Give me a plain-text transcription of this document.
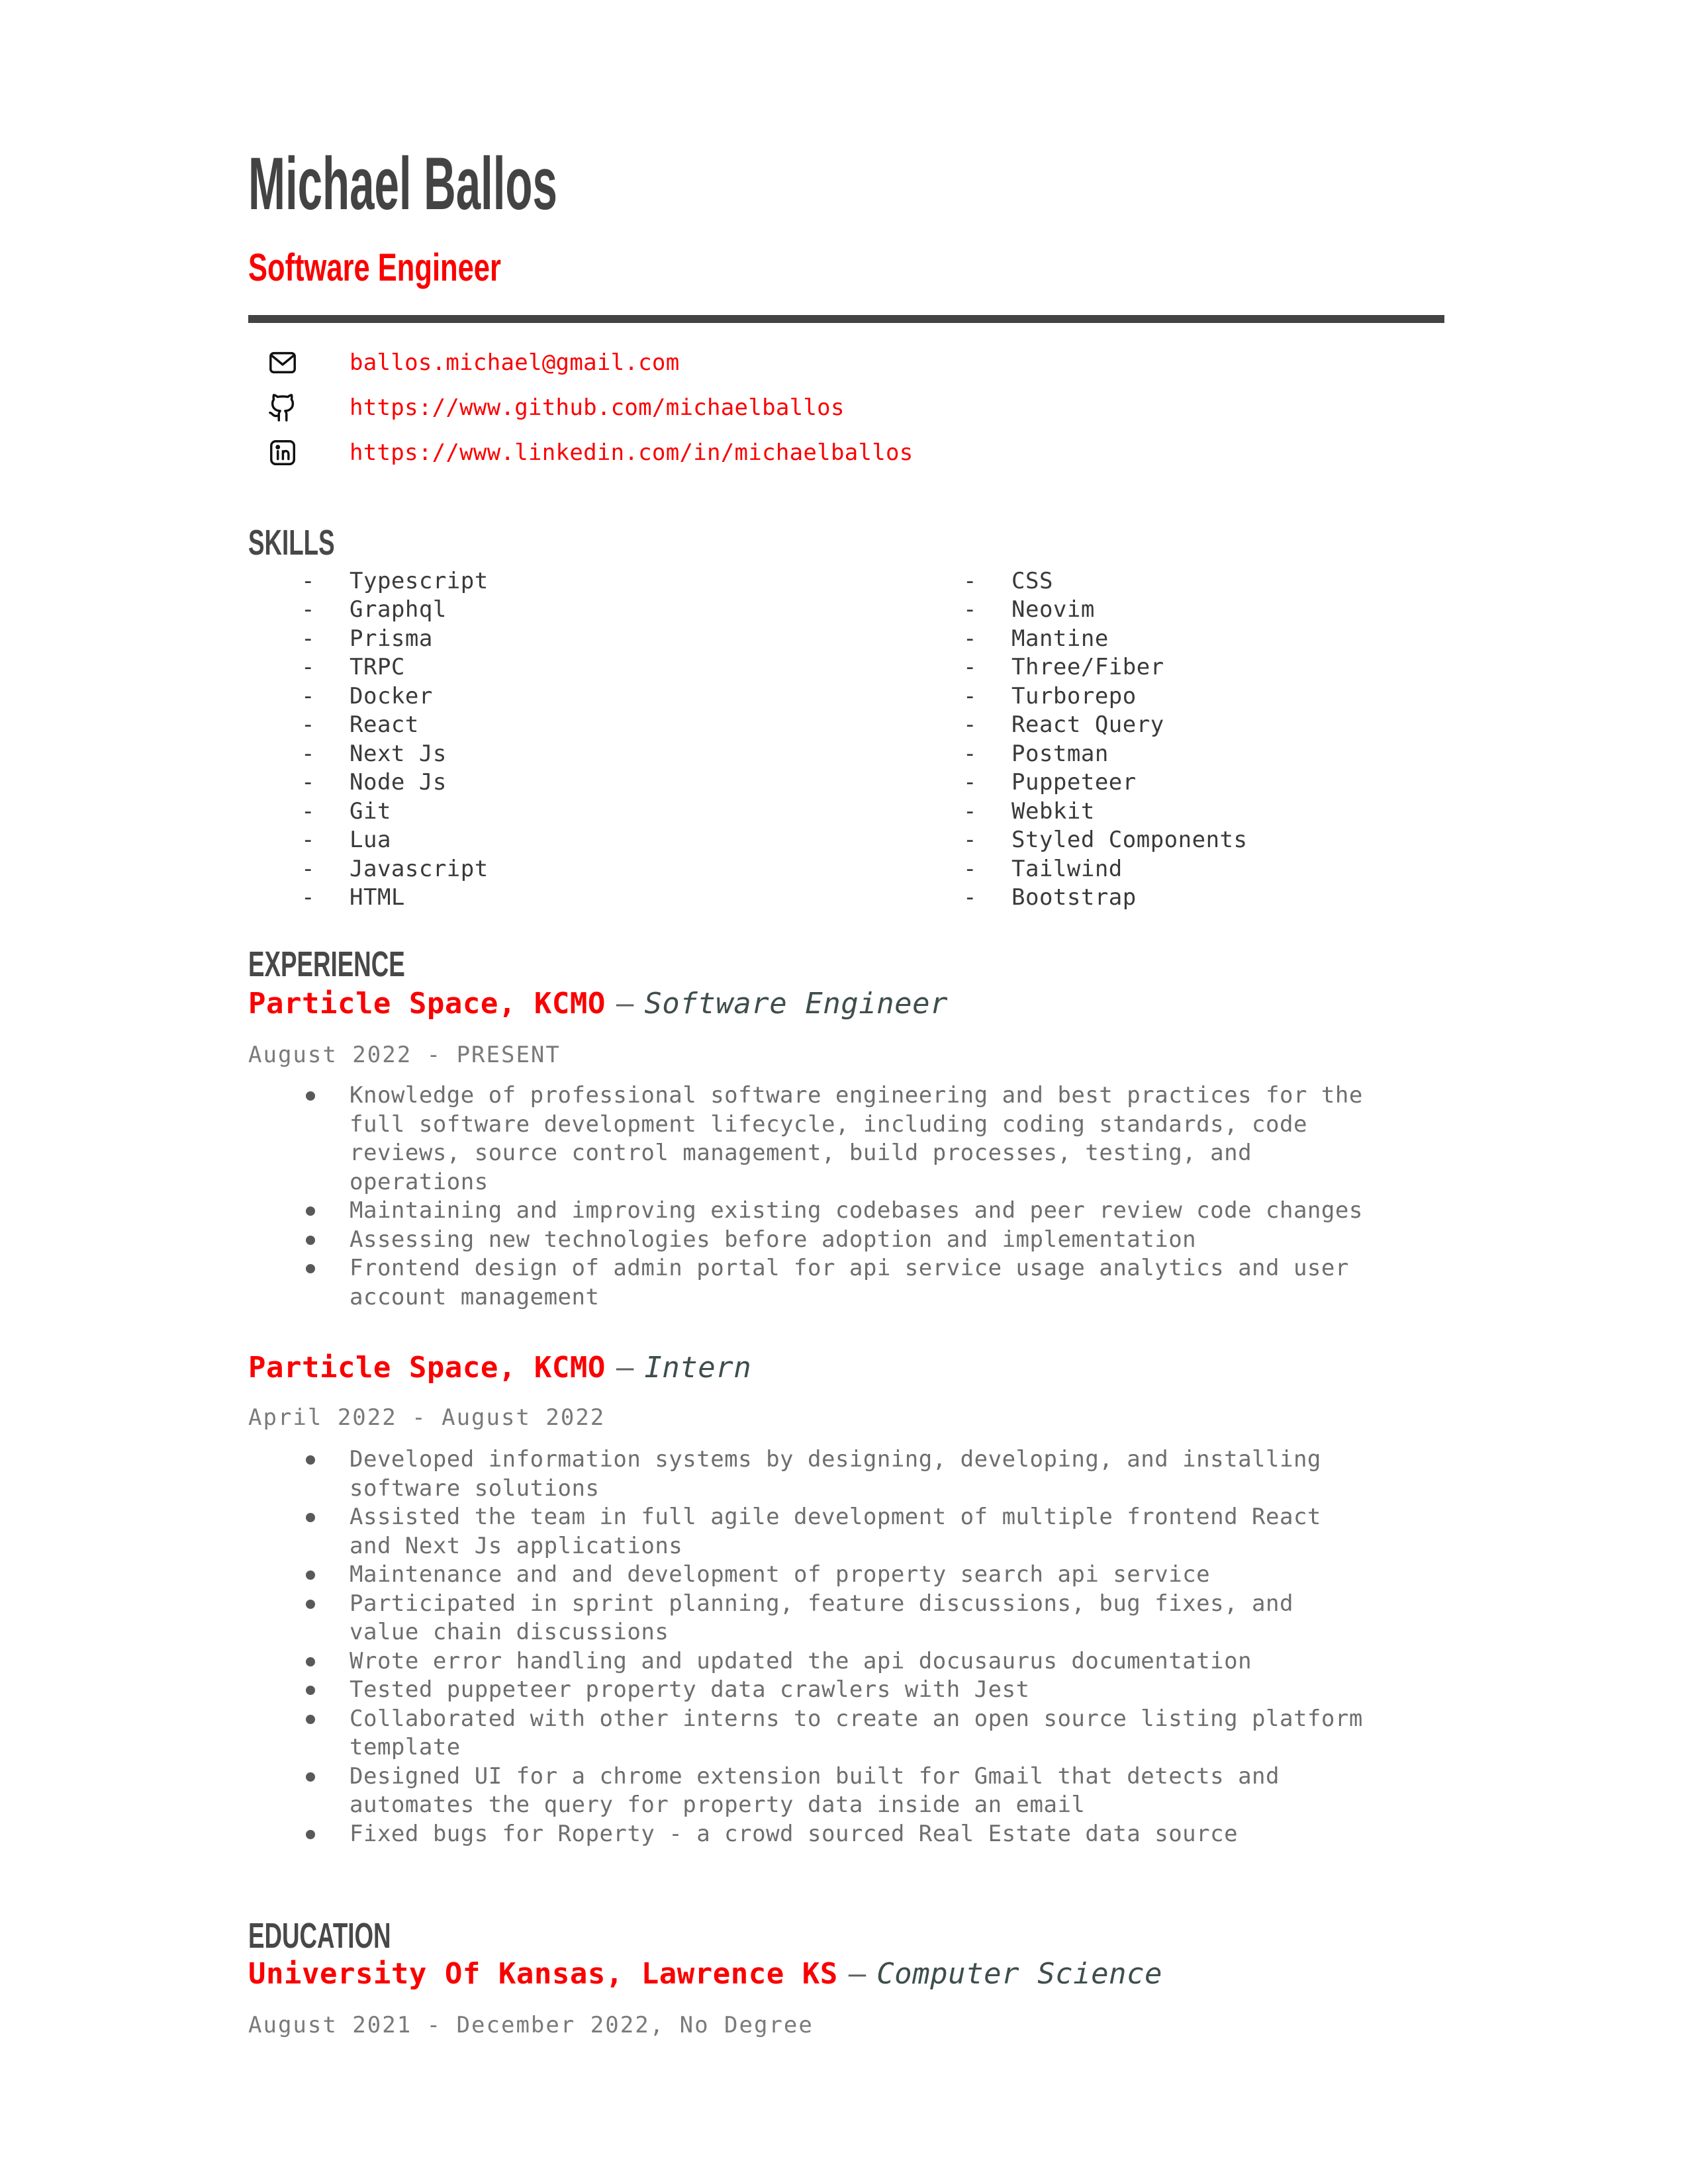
Michael Ballos
Software Engineer
ballos.michael@gmail.com
https://www.github.com/michaelballos
https://www.linkedin.com/in/michaelballos
SKILLS
-	Typescript
-	Graphql
-	Prisma
-	TRPC
-	Docker
-	React
-	Next Js
-	Node Js
-	Git
-	Lua
-	Javascript
-	HTML
-	CSS
-	Neovim
-	Mantine
-	Three/Fiber
-	Turborepo
-	React Query
-	Postman
-	Puppeteer
-	Webkit
-	Styled Components
-	Tailwind
-	Bootstrap
EXPERIENCE
Particle Space, KCMO — Software Engineer
August 2022 - PRESENT
Knowledge of professional software engineering and best practices for the full software development lifecycle, including coding standards, code reviews, source control management, build processes, testing, and operations
Maintaining and improving existing codebases and peer review code changes
Assessing new technologies before adoption and implementation
Frontend design of admin portal for api service usage analytics and user account management
Particle Space, KCMO — Intern
April 2022 - August 2022
Developed information systems by designing, developing, and installing software solutions
Assisted the team in full agile development of multiple frontend React and Next Js applications
Maintenance and and development of property search api service
Participated in sprint planning, feature discussions, bug fixes, and value chain discussions
Wrote error handling and updated the api docusaurus documentation
Tested puppeteer property data crawlers with Jest
Collaborated with other interns to create an open source listing platform template
Designed UI for a chrome extension built for Gmail that detects and automates the query for property data inside an email
Fixed bugs for Roperty - a crowd sourced Real Estate data source
EDUCATION
University Of Kansas, Lawrence KS — Computer Science
August 2021 - December 2022, No Degree
